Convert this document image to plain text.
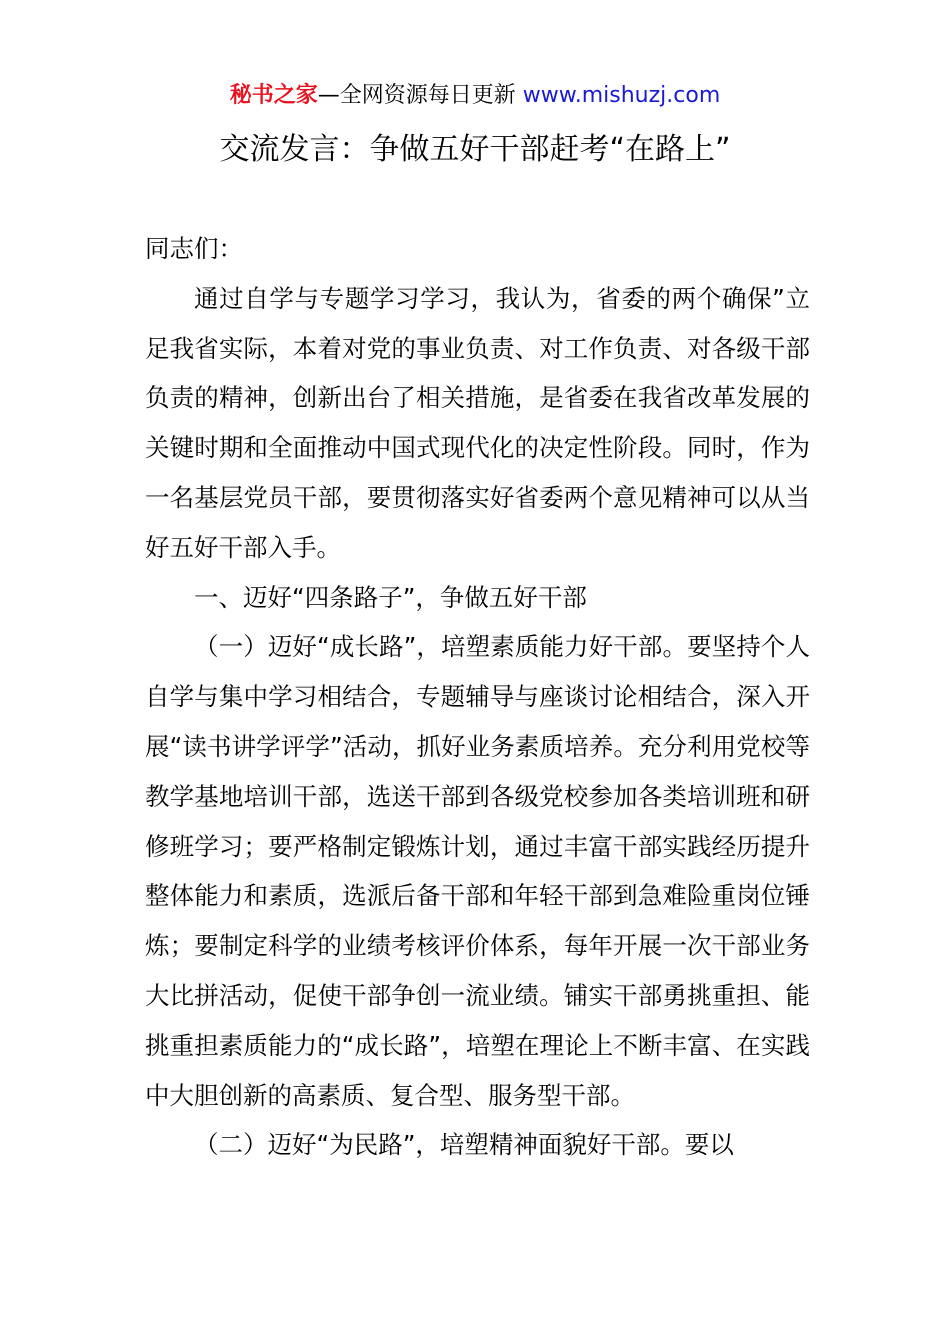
秘书之家—全网资源每日更新 www.mishuzj.com
交流发言：争做五好干部赶考“在路上”

同志们：

通过自学与专题学习学习，我认为，省委的两个确保”立足我省实际，本着对党的事业负责、对工作负责、对各级干部负责的精神，创新出台了相关措施，是省委在我省改革发展的关键时期和全面推动中国式现代化的决定性阶段。同时，作为一名基层党员干部，要贯彻落实好省委两个意见精神可以从当好五好干部入手。

一、迈好“四条路子”，争做五好干部

（一）迈好“成长路”，培塑素质能力好干部。要坚持个人自学与集中学习相结合，专题辅导与座谈讨论相结合，深入开展“读书讲学评学”活动，抓好业务素质培养。充分利用党校等教学基地培训干部，选送干部到各级党校参加各类培训班和研修班学习；要严格制定锻炼计划，通过丰富干部实践经历提升整体能力和素质，选派后备干部和年轻干部到急难险重岗位锤炼；要制定科学的业绩考核评价体系，每年开展一次干部业务大比拼活动，促使干部争创一流业绩。铺实干部勇挑重担、能挑重担素质能力的“成长路”，培塑在理论上不断丰富、在实践中大胆创新的高素质、复合型、服务型干部。

（二）迈好“为民路”，培塑精神面貌好干部。要以
